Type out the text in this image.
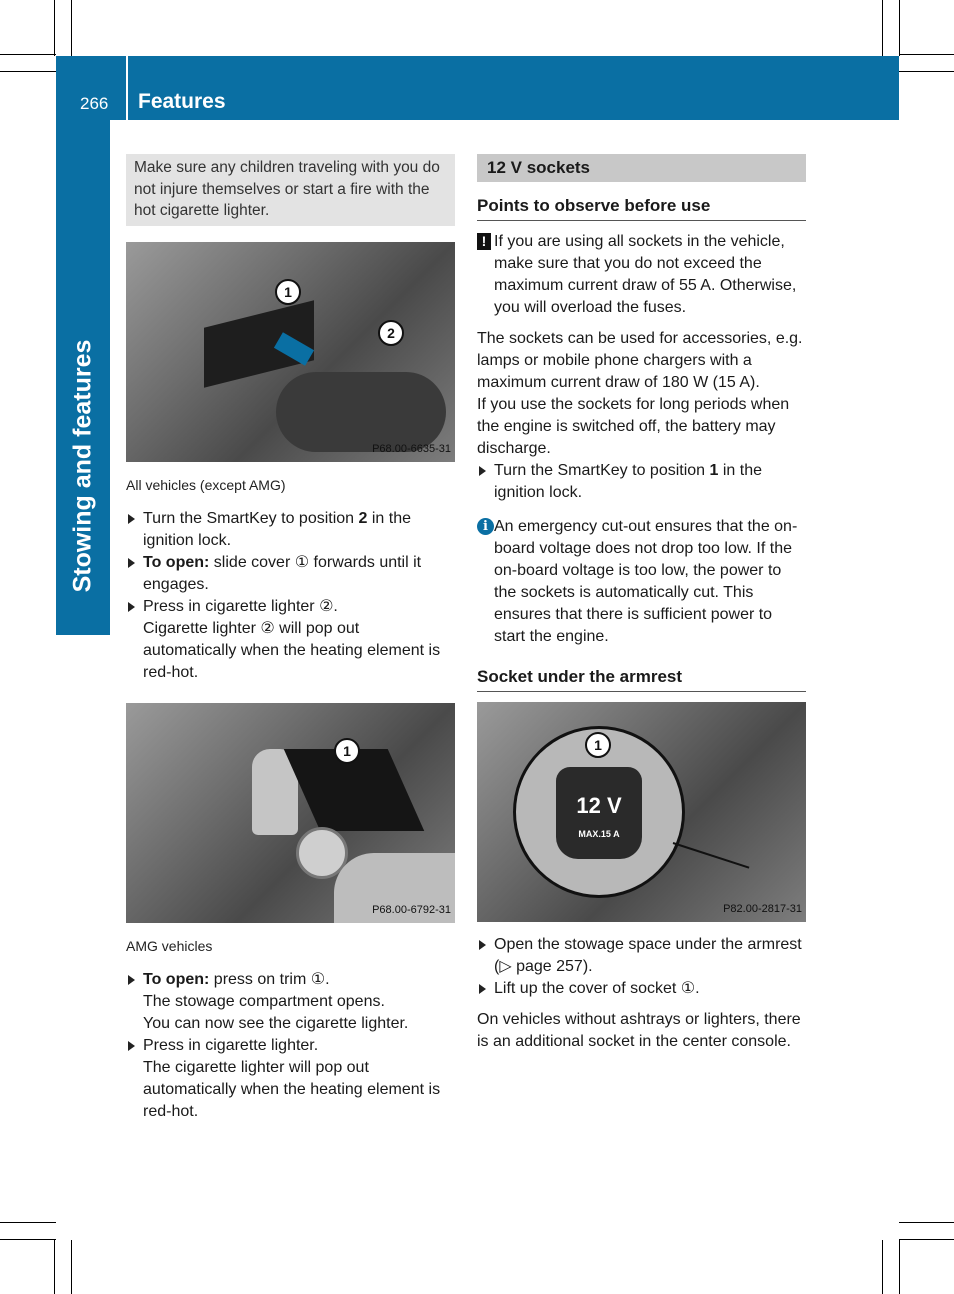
266 Features
Stowing and features
Make sure any children traveling with you do not injure themselves or start a fire with the hot cigarette lighter.
1
2
P68.00-6635-31
All vehicles (except AMG)

Turn the SmartKey to position 2 in the ignition lock.

To open: slide cover ① forwards until it engages.

Press in cigarette lighter ②.

Cigarette lighter ② will pop out automatically when the heating element is red-hot.

1
P68.00-6792-31
AMG vehicles

To open: press on trim ①.

The stowage compartment opens.

You can now see the cigarette lighter.

Press in cigarette lighter.

The cigarette lighter will pop out automatically when the heating element is red-hot.

12 V sockets
Points to observe before use
! If you are using all sockets in the vehicle, make sure that you do not exceed the maximum current draw of 55 A. Otherwise, you will overload the fuses.

The sockets can be used for accessories, e.g. lamps or mobile phone chargers with a maximum current draw of 180 W (15 A).

If you use the sockets for long periods when the engine is switched off, the battery may discharge.

Turn the SmartKey to position 1 in the ignition lock.

i An emergency cut-out ensures that the on-board voltage does not drop too low. If the on-board voltage is too low, the power to the sockets is automatically cut. This ensures that there is sufficient power to start the engine.
Socket under the armrest
12 V
MAX.15 A
1
P82.00-2817-31

Open the stowage space under the armrest (▷ page 257).

Lift up the cover of socket ①.

On vehicles without ashtrays or lighters, there is an additional socket in the center console.
